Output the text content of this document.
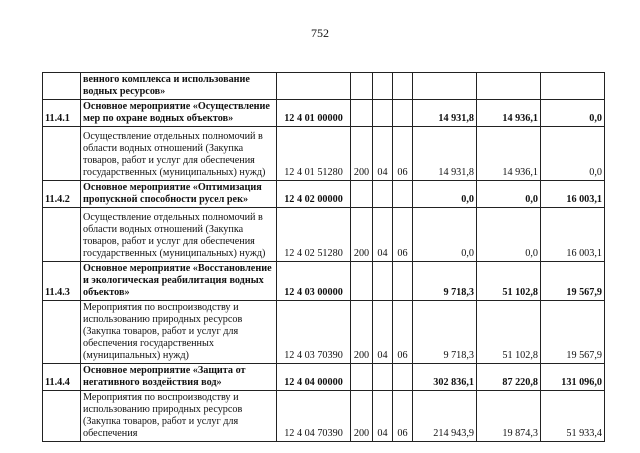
752
	венного комплекса и использование водных ресурсов»							
11.4.1	Основное мероприятие «Осуществление мер по охране водных объектов»	12 4 01 00000				14 931,8	14 936,1	0,0
	Осуществление отдельных полномочий в области водных отношений (Закупка товаров, работ и услуг для обеспечения государственных (муниципальных) нужд)	12 4 01 51280	200	04	06	14 931,8	14 936,1	0,0
11.4.2	Основное мероприятие «Оптимизация пропускной способности русел рек»	12 4 02 00000				0,0	0,0	16 003,1
	Осуществление отдельных полномочий в области водных отношений (Закупка товаров, работ и услуг для обеспечения государственных (муниципальных) нужд)	12 4 02 51280	200	04	06	0,0	0,0	16 003,1
11.4.3	Основное мероприятие «Восстановление и экологическая реабилитация водных объектов»	12 4 03 00000				9 718,3	51 102,8	19 567,9
	Мероприятия по воспроизводству и использованию природных ресурсов (Закупка товаров, работ и услуг для обеспечения государственных (муниципальных) нужд)	12 4 03 70390	200	04	06	9 718,3	51 102,8	19 567,9
11.4.4	Основное мероприятие «Защита от негативного воздействия вод»	12 4 04 00000				302 836,1	87 220,8	131 096,0
	Мероприятия по воспроизводству и использованию природных ресурсов (Закупка товаров, работ и услуг для обеспечения	12 4 04 70390	200	04	06	214 943,9	19 874,3	51 933,4
